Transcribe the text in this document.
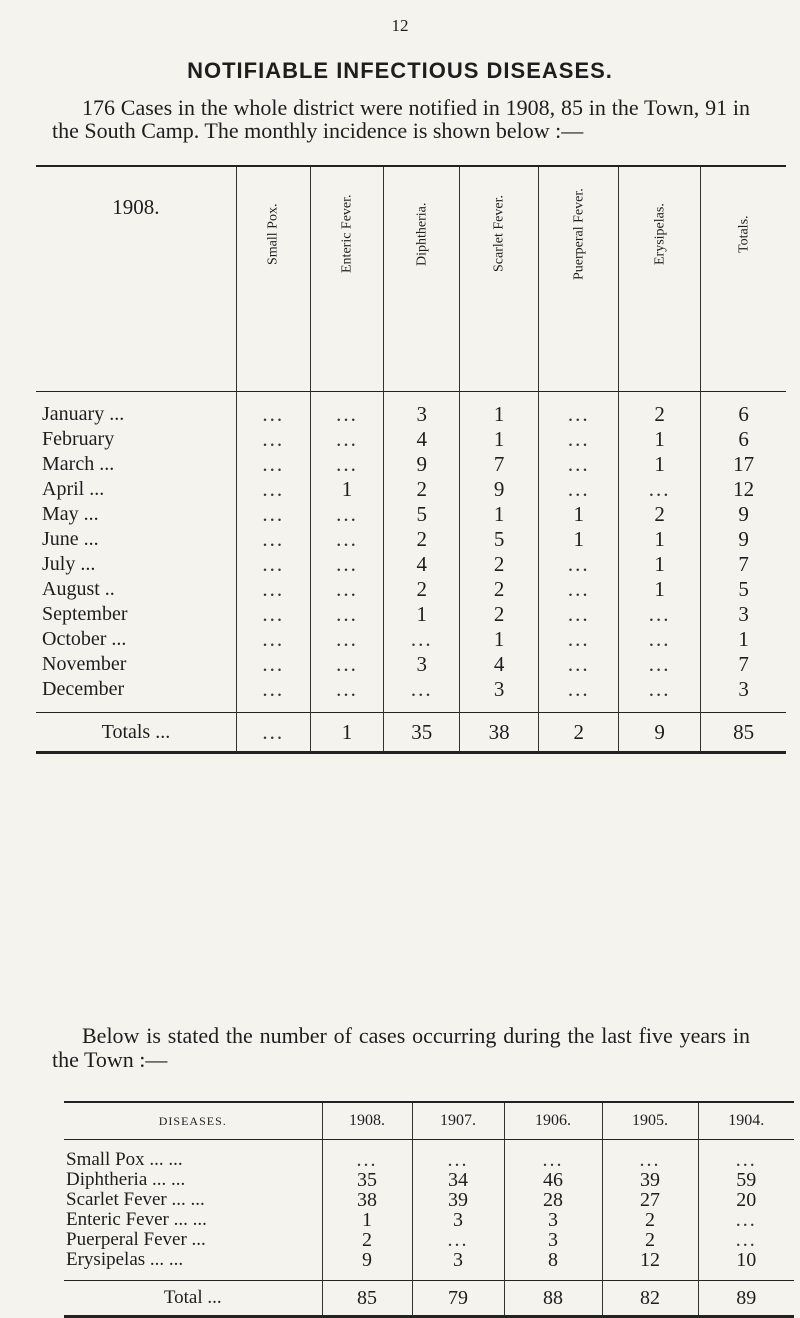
12
NOTIFIABLE INFECTIOUS DISEASES.

176 Cases in the whole district were notified in 1908, 85 in the Town, 91 in the South Camp. The monthly incidence is shown below :—

1908.	Small Pox.	Enteric Fever.	Diphtheria.	Scarlet Fever.	Puerperal Fever.	Erysipelas.	Totals.

January ...	...	...	3	1	...	2	6
February	...	...	4	1	...	1	6
March ...	...	...	9	7	...	1	17
April ...	...	1	2	9	...	...	12
May ...	...	...	5	1	1	2	9
June ...	...	...	2	5	1	1	9
July ...	...	...	4	2	...	1	7
August ..	...	...	2	2	...	1	5
September	...	...	1	2	...	...	3
October ...	...	...	...	1	...	...	1
November	...	...	3	4	...	...	7
December	...	...	...	3	...	...	3
Totals ...	...	1	35	38	2	9	85

Below is stated the number of cases occurring during the last five years in the Town :—

DISEASES.	1908.	1907.	1906.	1905.	1904.
Small Pox ... ...	...	...	...	...	...
Diphtheria ... ...	35	34	46	39	59
Scarlet Fever ... ...	38	39	28	27	20
Enteric Fever ... ...	1	3	3	2	...
Puerperal Fever ...	2	...	3	2	...
Erysipelas ... ...	9	3	8	12	10
Total ...	85	79	88	82	89
